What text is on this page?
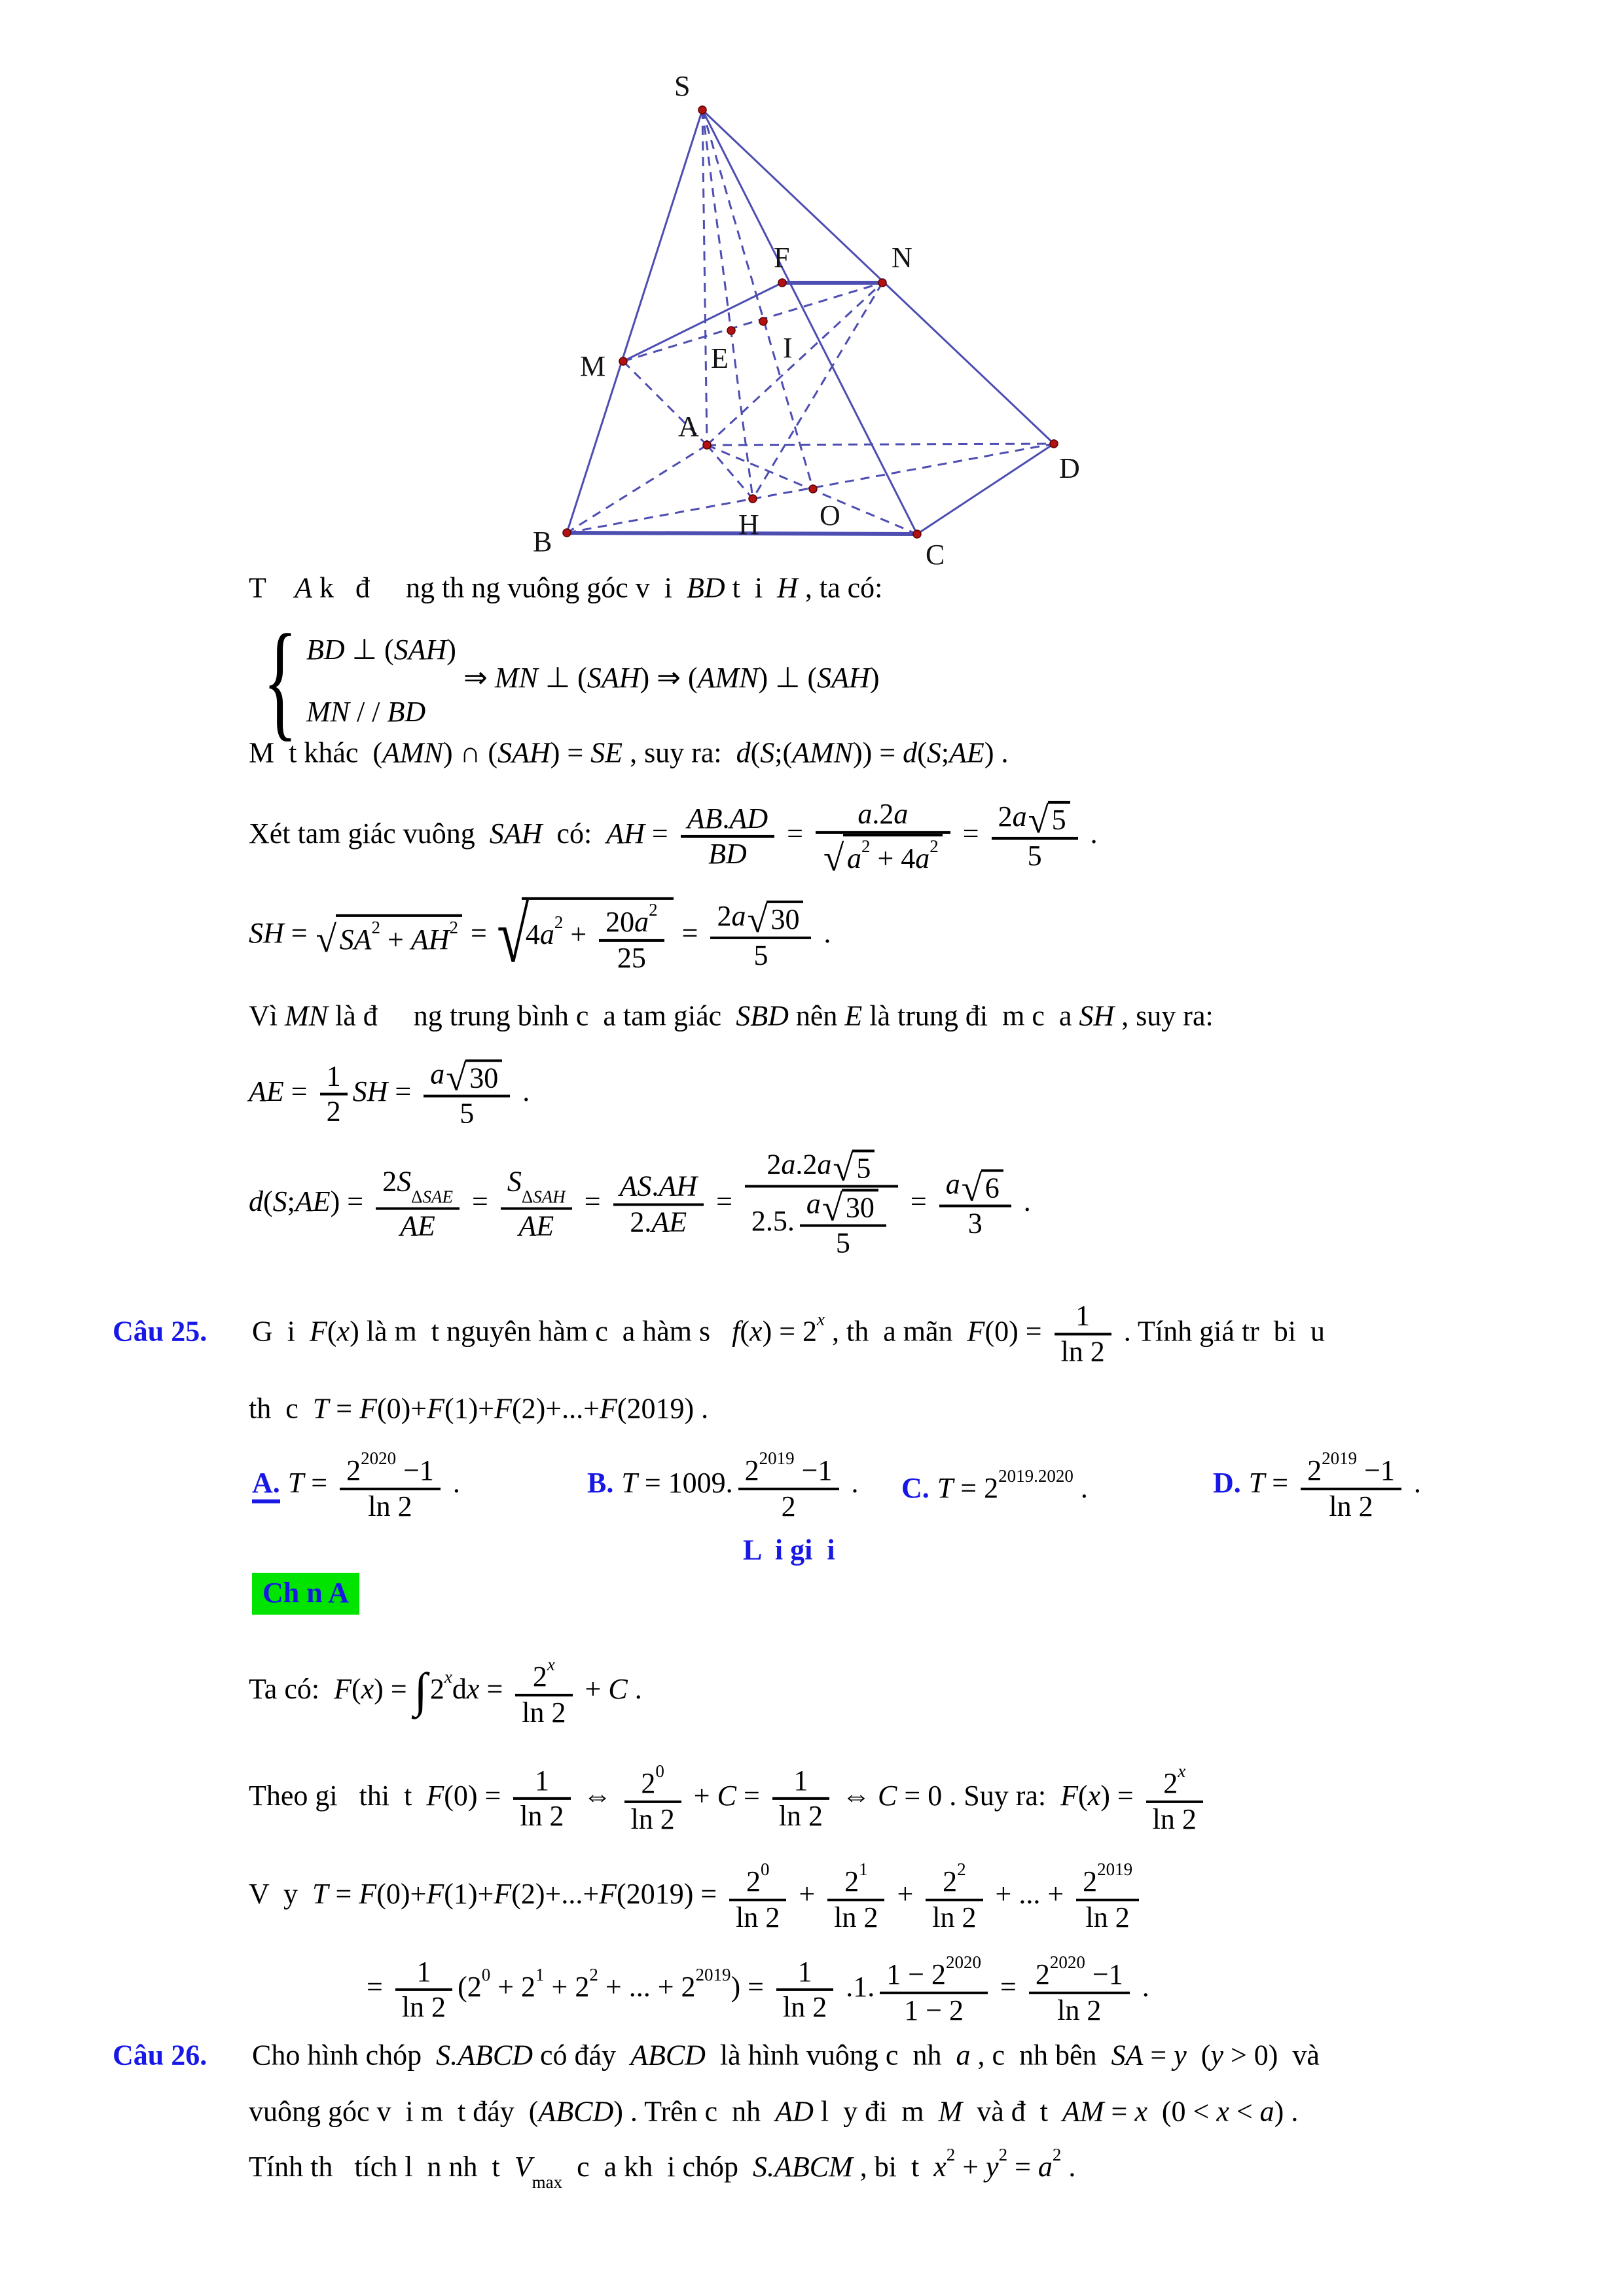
S
F	N
E I
M
A
D
O
H
B	C
T    A k   đ     ng th ng vuông góc v  i  BD t  i  H , ta có:
{ BD ⊥ (SAH)
MN / / BD
⇒ MN ⊥ (SAH) ⇒ (AMN) ⊥ (SAH)
M  t khác  (AMN) ∩ (SAH) = SE , suy ra:  d(S;(AMN)) = d(S;AE) .
Xét tam giác vuông  SAH  có:  AH = $\frac{AB.AD}{BD} = \frac{a.2a}{√ a^2 + 4a^2} = \frac{2a √ 5}{5}$ .
SH = √ $SA^2 + AH^2$ = √
$4a^2 + \frac{20a^2}{25} = \frac{2a √ 30}{5}$ .
Vì MN là đ     ng trung bình c  a tam giác  SBD nên E là trung đi  m c  a SH , suy ra:
AE = $\frac{1}{2}$ SH = $\frac{a √ 30}{5}$ .
d(S;AE) = $\frac{2S_{\Delta SAE}}{AE} = \frac{S_{\Delta SAH}}{AE} = \frac{AS.AH}{2.AE} = \frac{2a.2a √ 5}{2.5. \frac{a √ 30}{5}} = \frac{a √ 6}{3}$ .
Câu 25. G  i  F(x) là m  t nguyên hàm c  a hàm s   $f(x) = 2^x$ , th  a mãn  $F(0) = \frac{1}{\ln 2}$ . Tính giá tr  bi  u
th  c  T = F(0)+F(1)+F(2)+...+F(2019) .
A. $T = \frac{2^{2020} -1}{\ln 2}$ .	B. T = 1009. $\frac{2^{2019} -1}{2}$ . C. $T = 2^{2019.2020}$ .	D. $T = \frac{2^{2019} -1}{\ln 2}$ .
L  i gi  i
Ch n A
Ta có:  $F(x) = \int 2^xdx = \frac{2^x}{\ln 2} + C$ .
Theo gi   thi  t  $F(0) = \frac{1}{\ln 2}$ ⇔ $\frac{2^0}{\ln 2} + C = \frac{1}{\ln 2}$ ⇔ C = 0 . Suy ra:  $F(x) = \frac{2^x}{\ln 2}$
V  y  $T = F(0)+F(1)+F(2)+...+F(2019) = \frac{2^0}{\ln 2} + \frac{2^1}{\ln 2} + \frac{2^2}{\ln 2}$ + ... + $\frac{2^{2019}}{\ln 2}$
= $\frac{1}{\ln 2} (2^0 + 2^1 + 2^2$ + ... + $2^{2019}) = \frac{1}{\ln 2} .1$. $\frac{1 - 2^{2020}}{1 - 2} = \frac{2^{2020} -1}{\ln 2}$ .
Câu 26. Cho hình chóp  S.ABCD có đáy  ABCD  là hình vuông c  nh  a , c  nh bên  SA = y  (y > 0)  và
vuông góc v  i m  t đáy  (ABCD) . Trên c  nh  AD l  y đi  m  M  và đ  t  AM = x  (0 < x < a) .
Tính th   tích l  n nh  t  $V_{max}$  c  a kh  i chóp  S.ABCM , bi  t  $x^2 + y^2 = a^2$ .
